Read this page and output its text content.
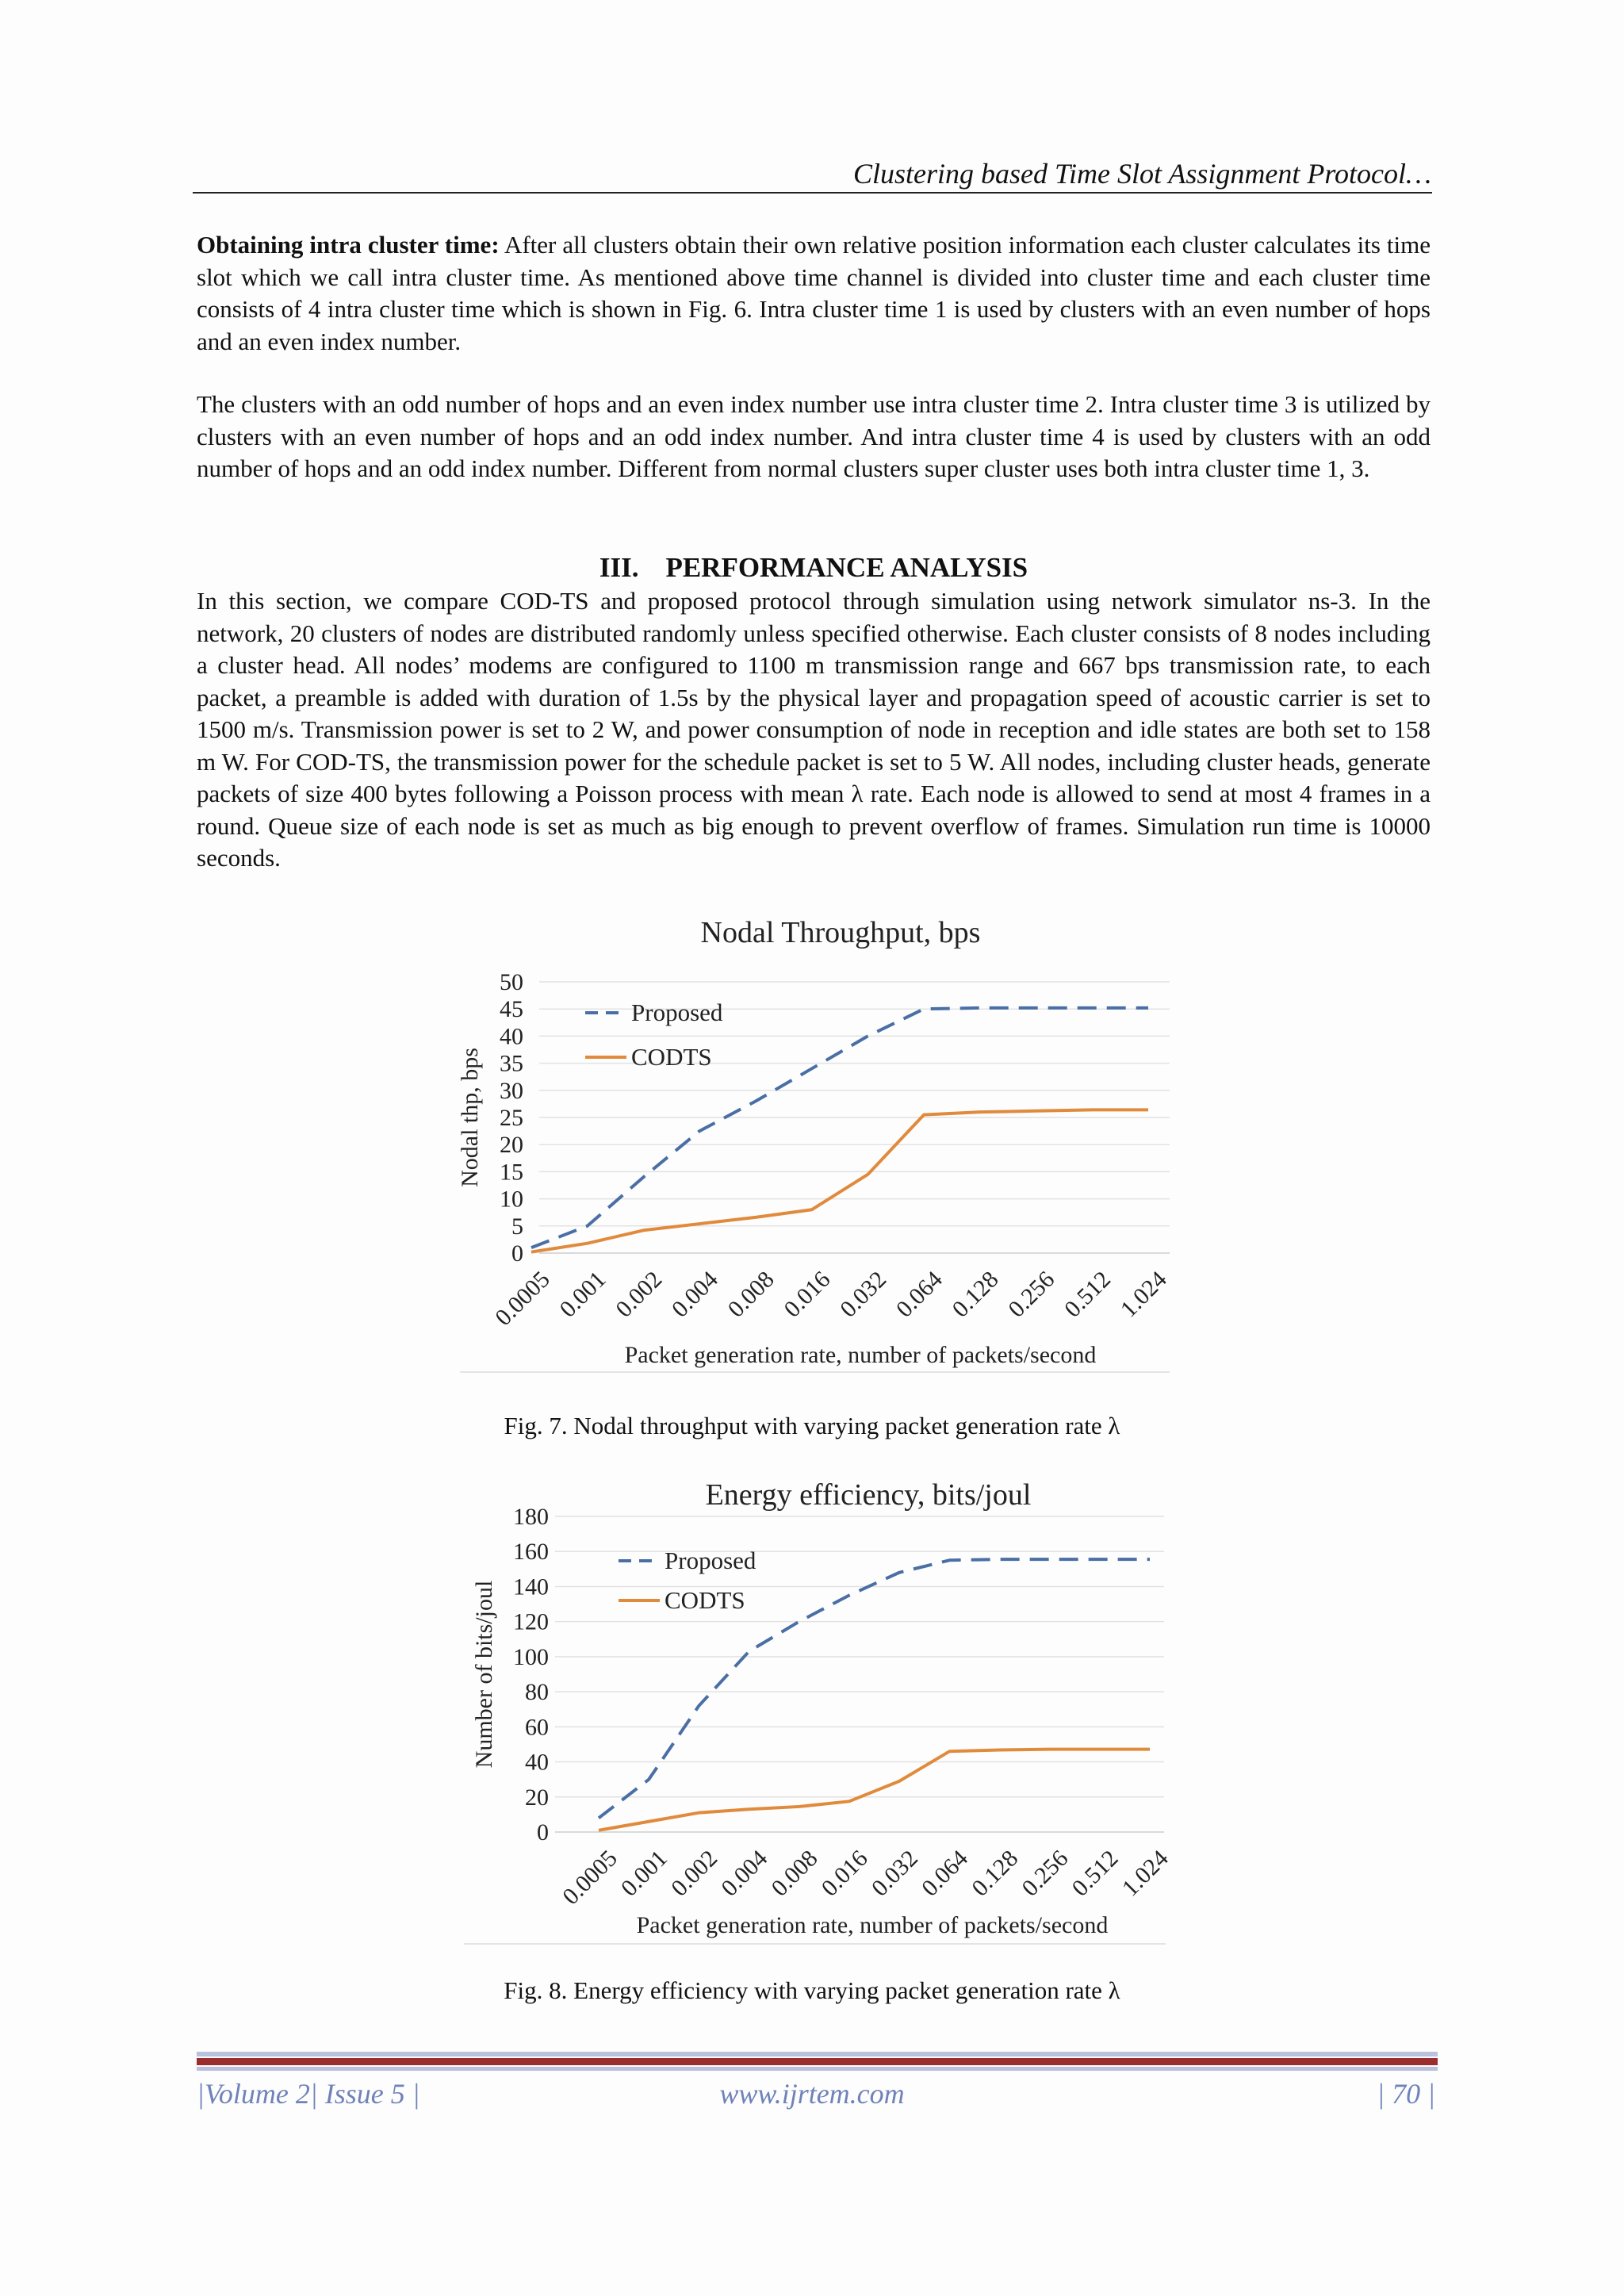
Clustering based Time Slot Assignment Protocol…

Obtaining intra cluster time: After all clusters obtain their own relative position information each cluster calculates its time slot which we call intra cluster time. As mentioned above time channel is divided into cluster time and each cluster time consists of 4 intra cluster time which is shown in Fig. 6. Intra cluster time 1 is used by clusters with an even number of hops and an even index number.

The clusters with an odd number of hops and an even index number use intra cluster time 2. Intra cluster time 3 is utilized by clusters with an even number of hops and an odd index number. And intra cluster time 4 is used by clusters with an odd number of hops and an odd index number. Different from normal clusters super cluster uses both intra cluster time 1, 3.

III. PERFORMANCE ANALYSIS

In this section, we compare COD-TS and proposed protocol through simulation using network simulator ns-3. In the network, 20 clusters of nodes are distributed randomly unless specified otherwise. Each cluster consists of 8 nodes including a cluster head. All nodes’ modems are configured to 1100 m transmission range and 667 bps transmission rate, to each packet, a preamble is added with duration of 1.5s by the physical layer and propagation speed of acoustic carrier is set to 1500 m/s. Transmission power is set to 2 W, and power consumption of node in reception and idle states are both set to 158 m W. For COD-TS, the transmission power for the schedule packet is set to 5 W. All nodes, including cluster heads, generate packets of size 400 bytes following a Poisson process with mean λ rate. Each node is allowed to send at most 4 frames in a round. Queue size of each node is set as much as big enough to prevent overflow of frames. Simulation run time is 10000 seconds.

Nodal Throughput, bps
0
5
10
15
20
25
30
35
40
45
50
Nodal thp, bps
0.0005 0.001 0.002 0.004 0.008 0.016 0.032 0.064 0.128 0.256 0.512 1.024
Packet generation rate, number of packets/second
Proposed
CODTS

Fig. 7. Nodal throughput with varying packet generation rate λ

Energy efficiency, bits/joul
0
20
40
60
80
100
120
140
160
180
Number of bits/joul
0.0005
0.001
0.002
0.004
0.008
0.016
0.032
0.064
0.128
0.256
0.512
1.024
Packet generation rate, number of packets/second
Proposed
CODTS

Fig. 8. Energy efficiency with varying packet generation rate λ

|Volume 2| Issue 5 |	www.ijrtem.com	| 70 |
